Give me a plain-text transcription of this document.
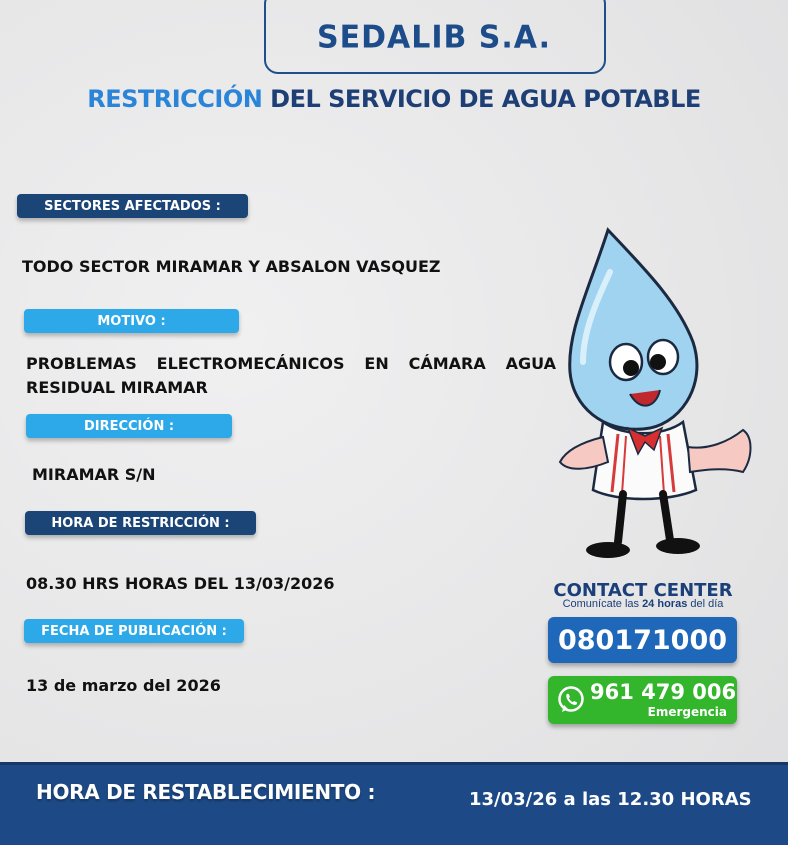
SEDALIB S.A.
RESTRICCIÓN DEL SERVICIO DE AGUA POTABLE
SECTORES AFECTADOS :
TODO SECTOR MIRAMAR Y ABSALON VASQUEZ
MOTIVO :
PROBLEMAS ELECTROMECÁNICOS EN CÁMARA AGUA RESIDUAL MIRAMAR
DIRECCIÓN :
MIRAMAR S/N
HORA DE RESTRICCIÓN :
08.30 HRS HORAS DEL 13/03/2026
FECHA DE PUBLICACIÓN :
13 de marzo del 2026
CONTACT CENTER
Comunícate las 24 horas del día
080171000
961 479 006
Emergencia
HORA DE RESTABLECIMIENTO :	13/03/26 a las 12.30 HORAS
